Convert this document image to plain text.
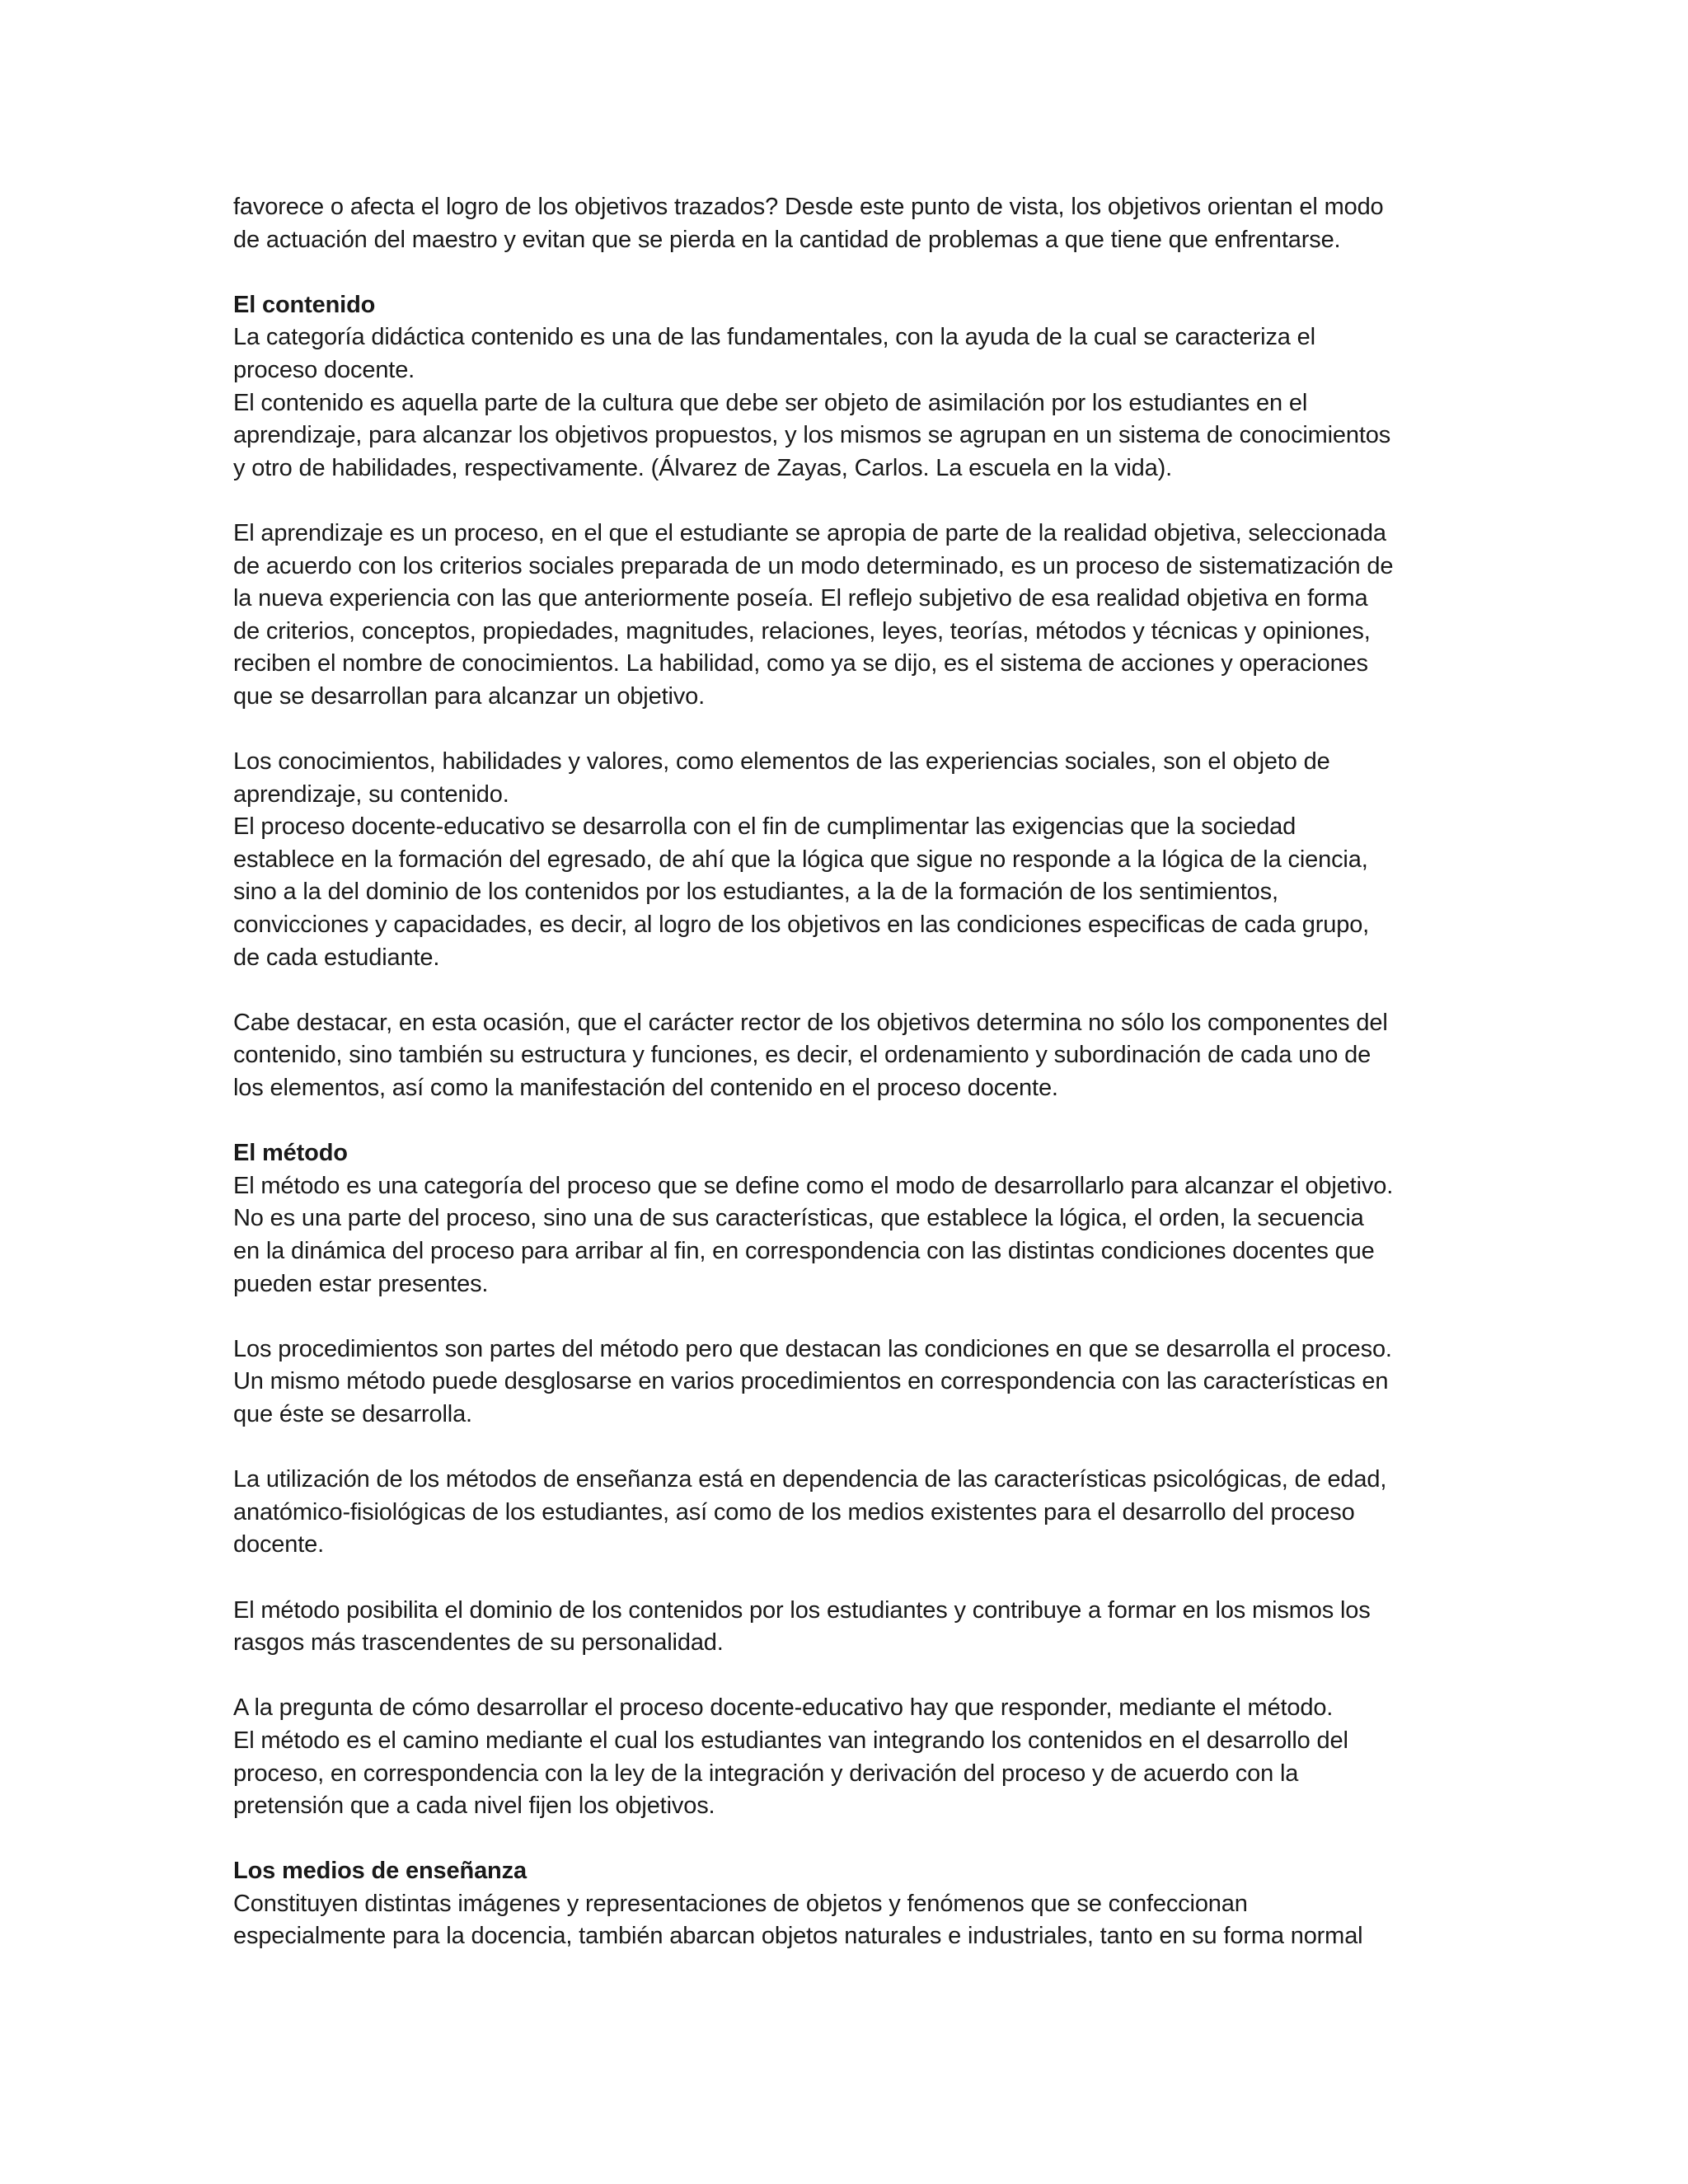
favorece o afecta el logro de los objetivos trazados? Desde este punto de vista, los objetivos orientan el modo
de actuación del maestro y evitan que se pierda en la cantidad de problemas a que tiene que enfrentarse.

El contenido

La categoría didáctica contenido es una de las fundamentales, con la ayuda de la cual se caracteriza el
proceso docente.

El contenido es aquella parte de la cultura que debe ser objeto de asimilación por los estudiantes en el
aprendizaje, para alcanzar los objetivos propuestos, y los mismos se agrupan en un sistema de conocimientos
y otro de habilidades, respectivamente. (Álvarez de Zayas, Carlos. La escuela en la vida).

El aprendizaje es un proceso, en el que el estudiante se apropia de parte de la realidad objetiva, seleccionada
de acuerdo con los criterios sociales preparada de un modo determinado, es un proceso de sistematización de
la nueva experiencia con las que anteriormente poseía. El reflejo subjetivo de esa realidad objetiva en forma
de criterios, conceptos, propiedades, magnitudes, relaciones, leyes, teorías, métodos y técnicas y opiniones,
reciben el nombre de conocimientos. La habilidad, como ya se dijo, es el sistema de acciones y operaciones
que se desarrollan para alcanzar un objetivo.

Los conocimientos, habilidades y valores, como elementos de las experiencias sociales, son el objeto de
aprendizaje, su contenido.

El proceso docente-educativo se desarrolla con el fin de cumplimentar las exigencias que la sociedad
establece en la formación del egresado, de ahí que la lógica que sigue no responde a la lógica de la ciencia,
sino a la del dominio de los contenidos por los estudiantes, a la de la formación de los sentimientos,
convicciones y capacidades, es decir, al logro de los objetivos en las condiciones especificas de cada grupo,
de cada estudiante.

Cabe destacar, en esta ocasión, que el carácter rector de los objetivos determina no sólo los componentes del
contenido, sino también su estructura y funciones, es decir, el ordenamiento y subordinación de cada uno de
los elementos, así como la manifestación del contenido en el proceso docente.

El método

El método es una categoría del proceso que se define como el modo de desarrollarlo para alcanzar el objetivo.
No es una parte del proceso, sino una de sus características, que establece la lógica, el orden, la secuencia
en la dinámica del proceso para arribar al fin, en correspondencia con las distintas condiciones docentes que
pueden estar presentes.

Los procedimientos son partes del método pero que destacan las condiciones en que se desarrolla el proceso.
Un mismo método puede desglosarse en varios procedimientos en correspondencia con las características en
que éste se desarrolla.

La utilización de los métodos de enseñanza está en dependencia de las características psicológicas, de edad,
anatómico-fisiológicas de los estudiantes, así como de los medios existentes para el desarrollo del proceso
docente.

El método posibilita el dominio de los contenidos por los estudiantes y contribuye a formar en los mismos los
rasgos más trascendentes de su personalidad.

A la pregunta de cómo desarrollar el proceso docente-educativo hay que responder, mediante el método.

El método es el camino mediante el cual los estudiantes van integrando los contenidos en el desarrollo del
proceso, en correspondencia con la ley de la integración y derivación del proceso y de acuerdo con la
pretensión que a cada nivel fijen los objetivos.

Los medios de enseñanza

Constituyen distintas imágenes y representaciones de objetos y fenómenos que se confeccionan
especialmente para la docencia, también abarcan objetos naturales e industriales, tanto en su forma normal
